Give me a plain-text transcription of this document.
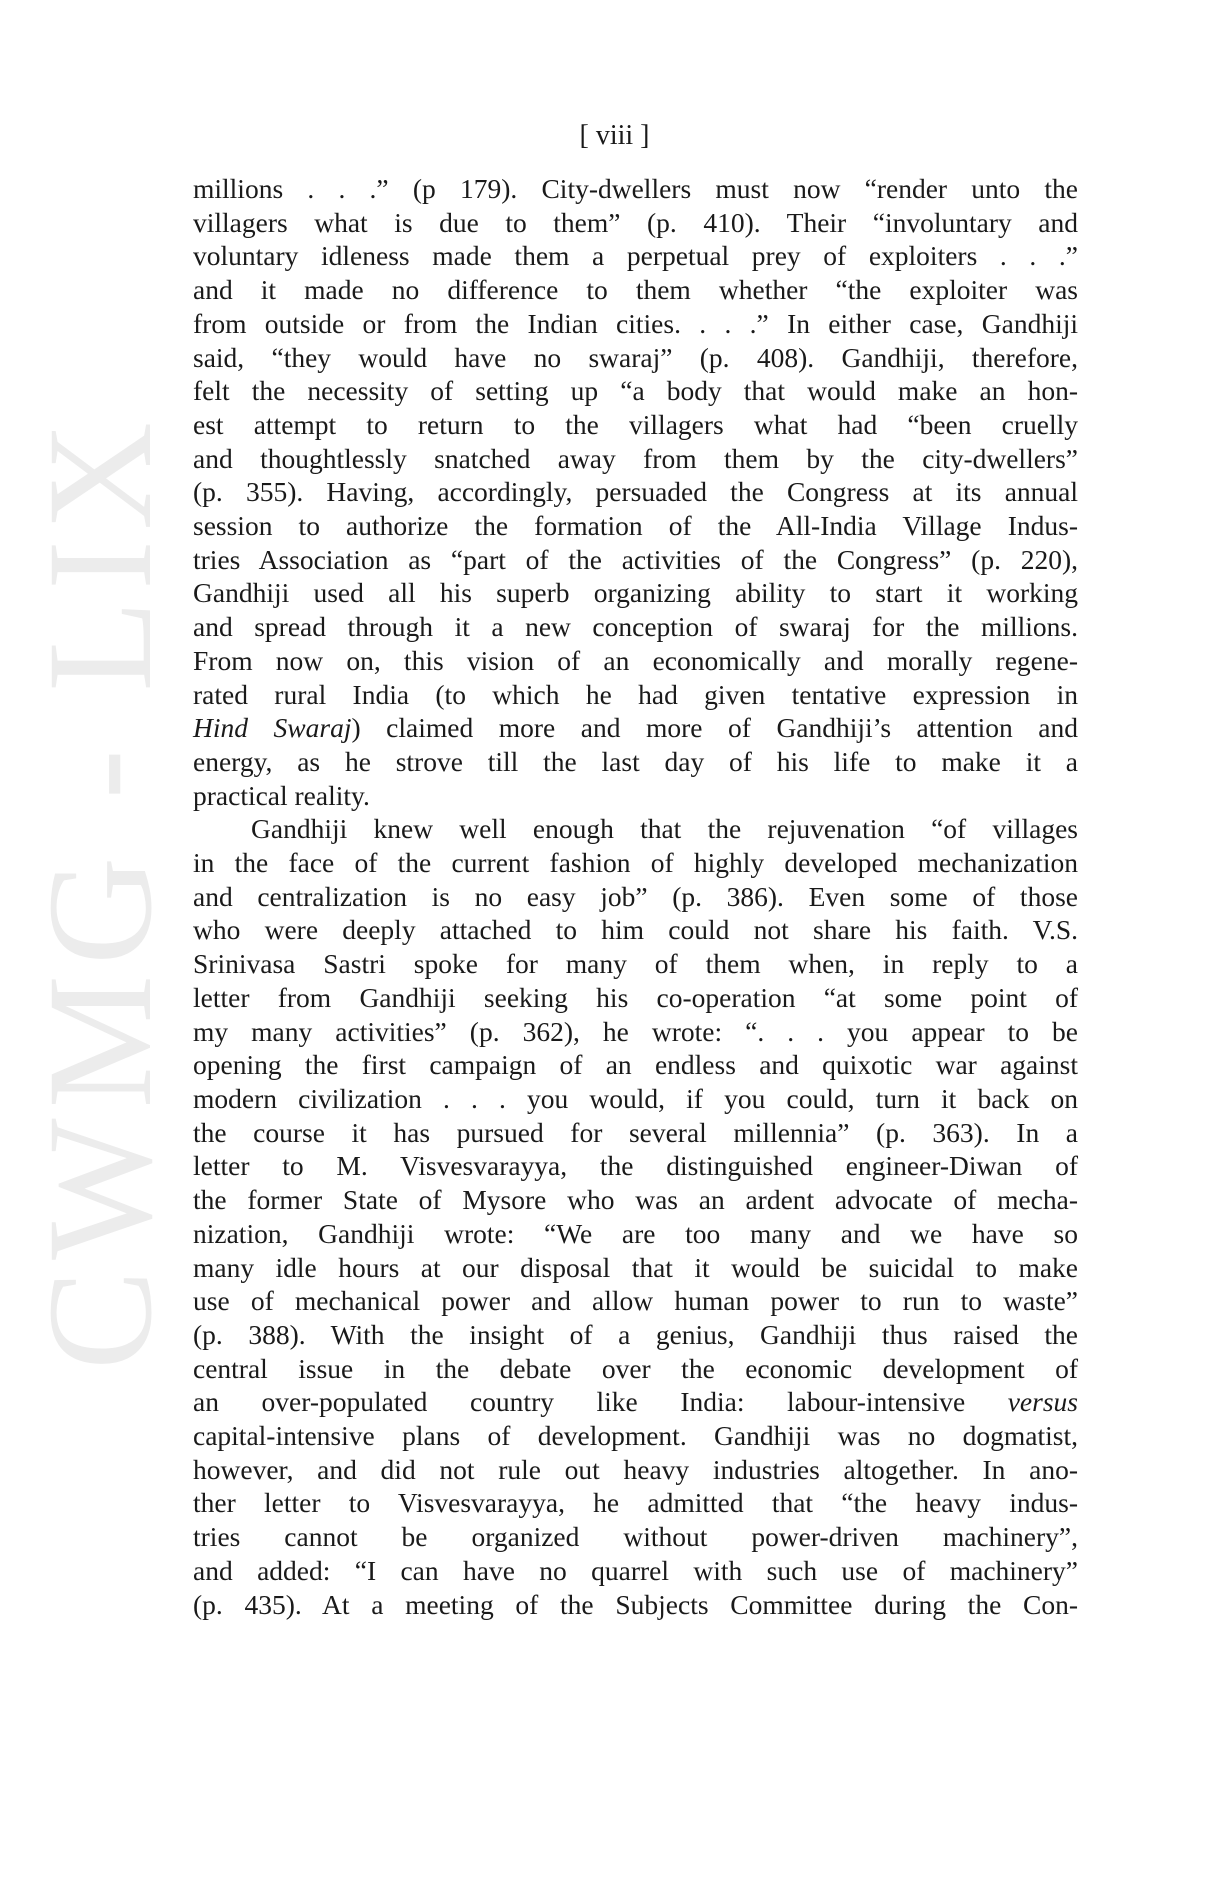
CWMG - LIX
[ viii ]
millions . . .” (p 179). City-dwellers must now “render unto the
villagers what is due to them” (p. 410). Their “involuntary and
voluntary idleness made them a perpetual prey of exploiters . . .”
and it made no difference to them whether “the exploiter was
from outside or from the Indian cities. . . .” In either case, Gandhiji
said, “they would have no swaraj” (p. 408). Gandhiji, therefore,
felt the necessity of setting up “a body that would make an hon-
est attempt to return to the villagers what had “been cruelly
and thoughtlessly snatched away from them by the city-dwellers”
(p. 355). Having, accordingly, persuaded the Congress at its annual
session to authorize the formation of the All-India Village Indus-
tries Association as “part of the activities of the Congress” (p. 220),
Gandhiji used all his superb organizing ability to start it working
and spread through it a new conception of swaraj for the millions.
From now on, this vision of an economically and morally regene-
rated rural India (to which he had given tentative expression in
Hind Swaraj) claimed more and more of Gandhiji’s attention and
energy, as he strove till the last day of his life to make it a
practical reality.
Gandhiji knew well enough that the rejuvenation “of villages
in the face of the current fashion of highly developed mechanization
and centralization is no easy job” (p. 386). Even some of those
who were deeply attached to him could not share his faith. V.S.
Srinivasa Sastri spoke for many of them when, in reply to a
letter from Gandhiji seeking his co-operation “at some point of
my many activities” (p. 362), he wrote: “. . . you appear to be
opening the first campaign of an endless and quixotic war against
modern civilization . . . you would, if you could, turn it back on
the course it has pursued for several millennia” (p. 363). In a
letter to M. Visvesvarayya, the distinguished engineer-Diwan of
the former State of Mysore who was an ardent advocate of mecha-
nization, Gandhiji wrote: “We are too many and we have so
many idle hours at our disposal that it would be suicidal to make
use of mechanical power and allow human power to run to waste”
(p. 388). With the insight of a genius, Gandhiji thus raised the
central issue in the debate over the economic development of
an over-populated country like India: labour-intensive versus
capital-intensive plans of development. Gandhiji was no dogmatist,
however, and did not rule out heavy industries altogether. In ano-
ther letter to Visvesvarayya, he admitted that “the heavy indus-
tries cannot be organized without power-driven machinery”,
and added: “I can have no quarrel with such use of machinery”
(p. 435). At a meeting of the Subjects Committee during the Con-
